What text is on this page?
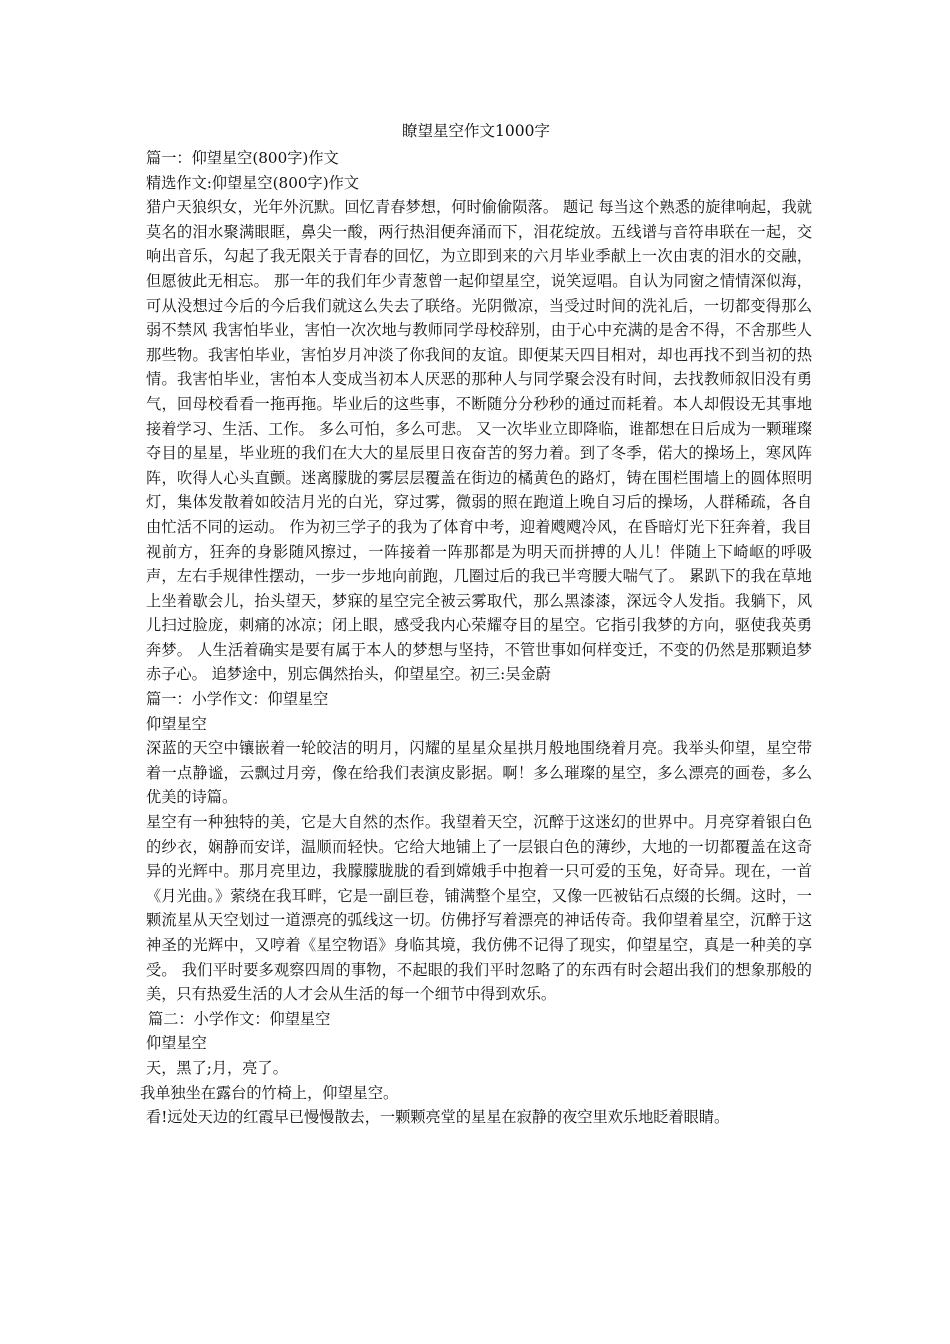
瞭望星空作文1000字

篇一：仰望星空(800字)作文

精选作文:仰望星空(800字)作文

猎户天狼织女，光年外沉默。回忆青春梦想，何时偷偷陨落。 题记 每当这个熟悉的旋律响起，我就莫名的泪水聚满眼眶，鼻尖一酸，两行热泪便奔涌而下，泪花绽放。五线谱与音符串联在一起，交响出音乐，勾起了我无限关于青春的回忆，为立即到来的六月毕业季献上一次由衷的泪水的交融，但愿彼此无相忘。 那一年的我们年少青葱曾一起仰望星空，说笑逗唱。自认为同窗之情情深似海，可从没想过今后的今后我们就这么失去了联络。光阴微凉，当受过时间的洗礼后，一切都变得那么弱不禁风 我害怕毕业，害怕一次次地与教师同学母校辞别，由于心中充满的是舍不得，不舍那些人那些物。我害怕毕业，害怕岁月冲淡了你我间的友谊。即便某天四目相对，却也再找不到当初的热情。我害怕毕业，害怕本人变成当初本人厌恶的那种人与同学聚会没有时间，去找教师叙旧没有勇气，回母校看看一拖再拖。毕业后的这些事，不断随分分秒秒的通过而耗着。本人却假设无其事地接着学习、生活、工作。 多么可怕，多么可悲。 又一次毕业立即降临，谁都想在日后成为一颗璀璨夺目的星星，毕业班的我们在大大的星辰里日夜奋苦的努力着。到了冬季，偌大的操场上，寒风阵阵，吹得人心头直颤。迷离朦胧的雾层层覆盖在街边的橘黄色的路灯，铸在围栏围墙上的圆体照明灯，集体发散着如皎洁月光的白光，穿过雾，微弱的照在跑道上晚自习后的操场，人群稀疏，各自由忙活不同的运动。 作为初三学子的我为了体育中考，迎着飕飕冷风，在昏暗灯光下狂奔着，我目视前方，狂奔的身影随风擦过，一阵接着一阵那都是为明天而拼搏的人儿！伴随上下崎岖的呼吸声，左右手规律性摆动，一步一步地向前跑，几圈过后的我已半弯腰大喘气了。 累趴下的我在草地上坐着歇会儿，抬头望天，梦寐的星空完全被云雾取代，那么黑漆漆，深远令人发指。我躺下，风儿扫过脸庞，刺痛的冰凉；闭上眼，感受我内心荣耀夺目的星空。它指引我梦的方向，驱使我英勇奔梦。 人生活着确实是要有属于本人的梦想与坚持，不管世事如何样变迁，不变的仍然是那颗追梦赤子心。 追梦途中，别忘偶然抬头，仰望星空。初三:吴金蔚

篇一：小学作文：仰望星空

仰望星空

深蓝的天空中镶嵌着一轮皎洁的明月，闪耀的星星众星拱月般地围绕着月亮。我举头仰望，星空带着一点静谧，云飘过月旁，像在给我们表演皮影据。啊！多么璀璨的星空，多么漂亮的画卷，多么优美的诗篇。

星空有一种独特的美，它是大自然的杰作。我望着天空，沉醉于这迷幻的世界中。月亮穿着银白色的纱衣，娴静而安详，温顺而轻快。它给大地铺上了一层银白色的薄纱，大地的一切都覆盖在这奇异的光辉中。那月亮里边，我朦朦胧胧的看到嫦娥手中抱着一只可爱的玉兔，好奇异。现在，一首《月光曲。》萦绕在我耳畔，它是一副巨卷，铺满整个星空，又像一匹被钻石点缀的长绸。这时，一颗流星从天空划过一道漂亮的弧线这一切。仿佛抒写着漂亮的神话传奇。我仰望着星空，沉醉于这神圣的光辉中，又哼着《星空物语》身临其境，我仿佛不记得了现实，仰望星空，真是一种美的享受。 我们平时要多观察四周的事物，不起眼的我们平时忽略了的东西有时会超出我们的想象那般的美，只有热爱生活的人才会从生活的每一个细节中得到欢乐。

篇二：小学作文：仰望星空

仰望星空

天，黑了;月，亮了。

我单独坐在露台的竹椅上，仰望星空。

看!远处天边的红霞早已慢慢散去，一颗颗亮堂的星星在寂静的夜空里欢乐地眨着眼睛。
